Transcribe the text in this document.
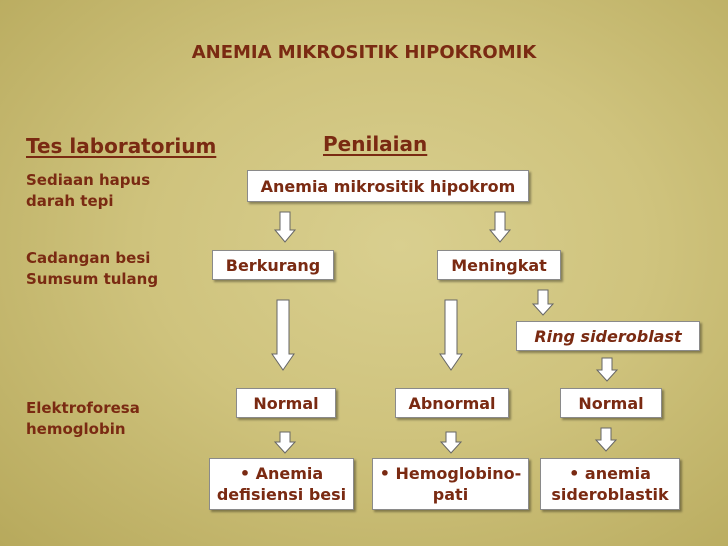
ANEMIA MIKROSITIK HIPOKROMIK
Tes laboratorium	Penilaian
Sediaan hapus
darah tepi
Cadangan besi
Sumsum tulang
Elektroforesa
hemoglobin
Anemia mikrositik hipokrom
Berkurang	Meningkat
Ring sideroblast
Normal	Abnormal	Normal
• Anemia
defisiensi besi
• Hemoglobino-
pati
• anemia
sideroblastik
